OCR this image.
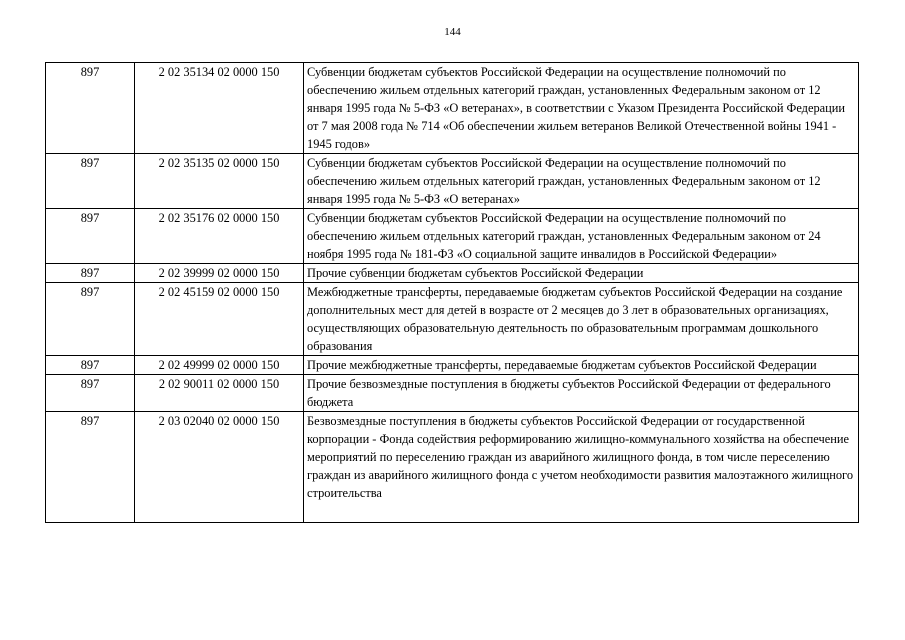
144
897	2 02 35134 02 0000 150	Субвенции бюджетам субъектов Российской Федерации на осуществление полномочий по обеспечению жильем отдельных категорий граждан, установленных Федеральным законом от 12 января 1995 года № 5-ФЗ «О ветеранах», в соответствии с Указом Президента Российской Федерации от 7 мая 2008 года № 714 «Об обеспечении жильем ветеранов Великой Отечественной войны 1941 - 1945 годов»
897	2 02 35135 02 0000 150	Субвенции бюджетам субъектов Российской Федерации на осуществление полномочий по обеспечению жильем отдельных категорий граждан, установленных Федеральным законом от 12 января 1995 года № 5-ФЗ «О ветеранах»
897	2 02 35176 02 0000 150	Субвенции бюджетам субъектов Российской Федерации на осуществление полномочий по обеспечению жильем отдельных категорий граждан, установленных Федеральным законом от 24 ноября 1995 года № 181-ФЗ «О социальной защите инвалидов в Российской Федерации»
897	2 02 39999 02 0000 150	Прочие субвенции бюджетам субъектов Российской Федерации
897	2 02 45159 02 0000 150	Межбюджетные трансферты, передаваемые бюджетам субъектов Российской Федерации на создание дополнительных мест для детей в возрасте от 2 месяцев до 3 лет в образовательных организациях, осуществляющих образовательную деятельность по образовательным программам дошкольного образования
897	2 02 49999 02 0000 150	Прочие межбюджетные трансферты, передаваемые бюджетам субъектов Российской Федерации
897	2 02 90011 02 0000 150	Прочие безвозмездные поступления в бюджеты субъектов Российской Федерации от федерального бюджета
897	2 03 02040 02 0000 150	Безвозмездные поступления в бюджеты субъектов Российской Федерации от государственной корпорации - Фонда содействия реформированию жилищно-коммунального хозяйства на обеспечение мероприятий по переселению граждан из аварийного жилищного фонда, в том числе переселению граждан из аварийного жилищного фонда с учетом необходимости развития малоэтажного жилищного строительства
